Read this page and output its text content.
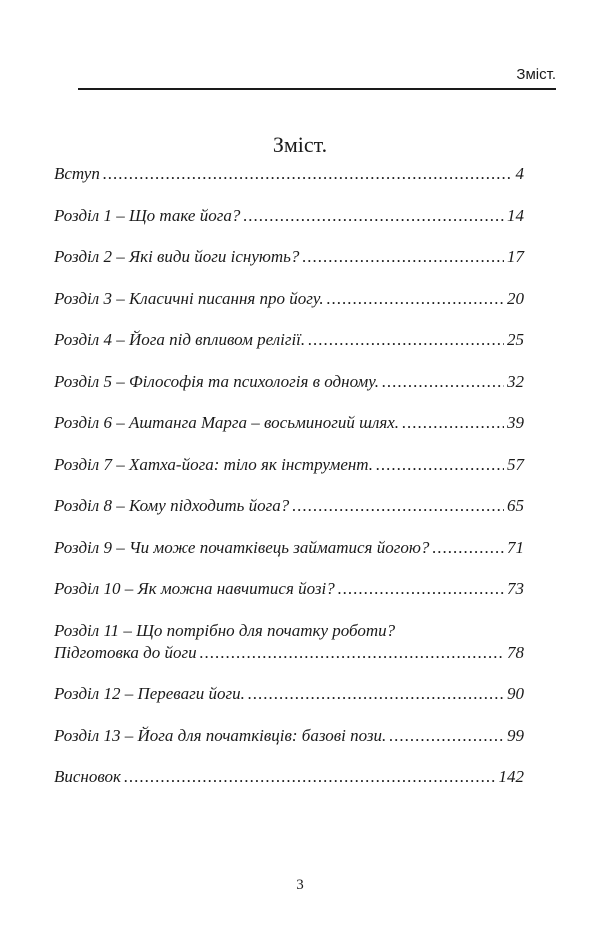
Зміст.
Зміст.
Вступ .....	4
Розділ 1 – Що таке йога? .....	14
Розділ 2 – Які види йоги існують? .....	17
Розділ 3 – Класичні писання про йогу. .....	20
Розділ 4 – Йога під впливом релігії. .....	25
Розділ 5 – Філософія та психологія в одному. .....	32
Розділ 6 – Аштанга Марга – восьминогий шлях. .....	39
Розділ 7 – Хатха-йога: тіло як інструмент. .....	57
Розділ 8 – Кому підходить йога? .....	65
Розділ 9 – Чи може початківець займатися йогою? .....	71
Розділ 10 – Як можна навчитися йозі? .....	73
Розділ 11 – Що потрібно для початку роботи?
Підготовка до йоги .....	78
Розділ 12 – Переваги йоги. .....	90
Розділ 13 – Йога для початківців: базові пози. .....	99
Висновок .....	142
3
